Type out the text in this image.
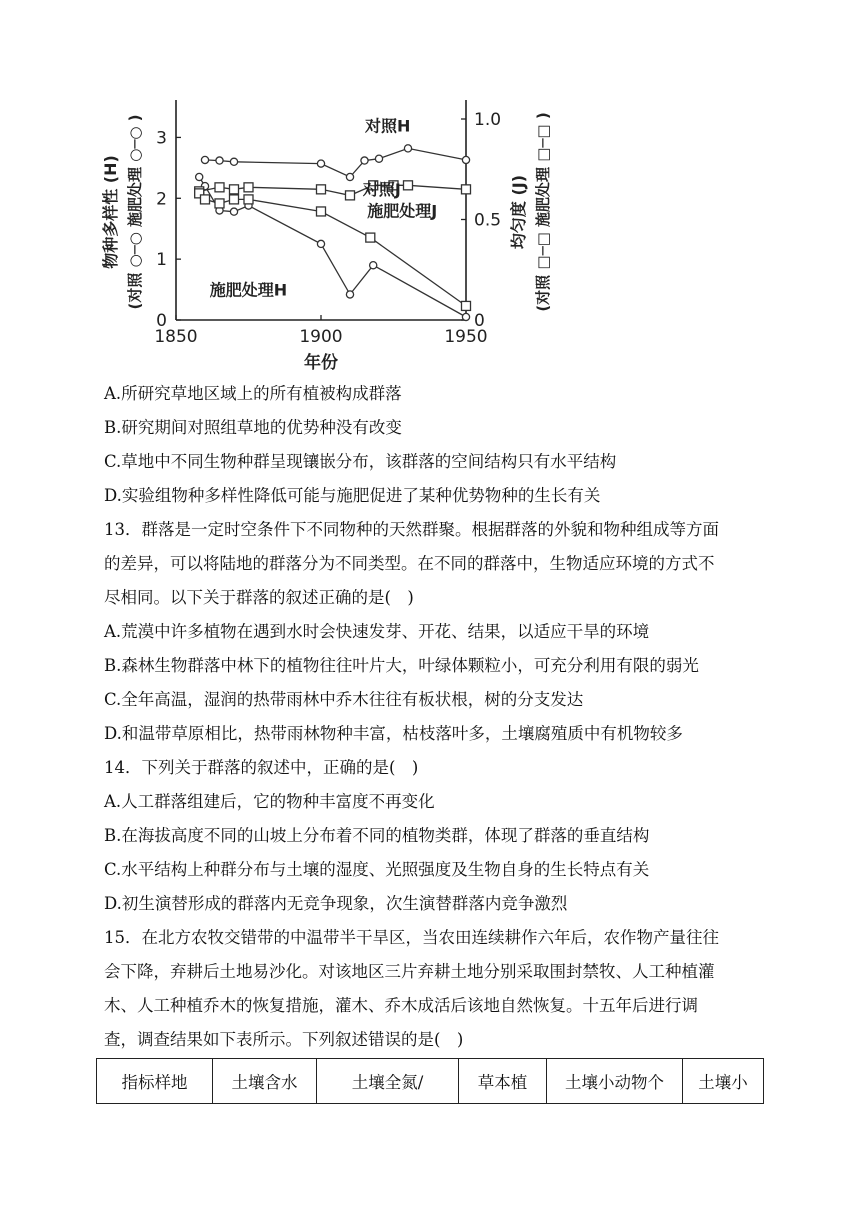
1850	1900	1950
0
1
2
3
0
0.5
1.0
年份
物种多样性 (H) (对照 ○─○ 施肥处理 ○─○ )	均匀度 (J) (对照 □─□ 施肥处理 □─□ )
对照H
对照J
施肥处理J
施肥处理H
A.所研究草地区域上的所有植被构成群落
B.研究期间对照组草地的优势种没有改变
C.草地中不同生物种群呈现镶嵌分布，该群落的空间结构只有水平结构
D.实验组物种多样性降低可能与施肥促进了某种优势物种的生长有关
13．群落是一定时空条件下不同物种的天然群聚。根据群落的外貌和物种组成等方面
的差异，可以将陆地的群落分为不同类型。在不同的群落中，生物适应环境的方式不
尽相同。以下关于群落的叙述正确的是(　)
A.荒漠中许多植物在遇到水时会快速发芽、开花、结果，以适应干旱的环境
B.森林生物群落中林下的植物往往叶片大，叶绿体颗粒小，可充分利用有限的弱光
C.全年高温，湿润的热带雨林中乔木往往有板状根，树的分支发达
D.和温带草原相比，热带雨林物种丰富，枯枝落叶多，土壤腐殖质中有机物较多
14．下列关于群落的叙述中，正确的是(　)
A.人工群落组建后，它的物种丰富度不再变化
B.在海拔高度不同的山坡上分布着不同的植物类群，体现了群落的垂直结构
C.水平结构上种群分布与土壤的湿度、光照强度及生物自身的生长特点有关
D.初生演替形成的群落内无竞争现象，次生演替群落内竞争激烈
15．在北方农牧交错带的中温带半干旱区，当农田连续耕作六年后，农作物产量往往
会下降，弃耕后土地易沙化。对该地区三片弃耕土地分别采取围封禁牧、人工种植灌
木、人工种植乔木的恢复措施，灌木、乔木成活后该地自然恢复。十五年后进行调
查，调查结果如下表所示。下列叙述错误的是(　)
指标样地	土壤含水	土壤全氮/	草本植	土壤小动物个	土壤小
